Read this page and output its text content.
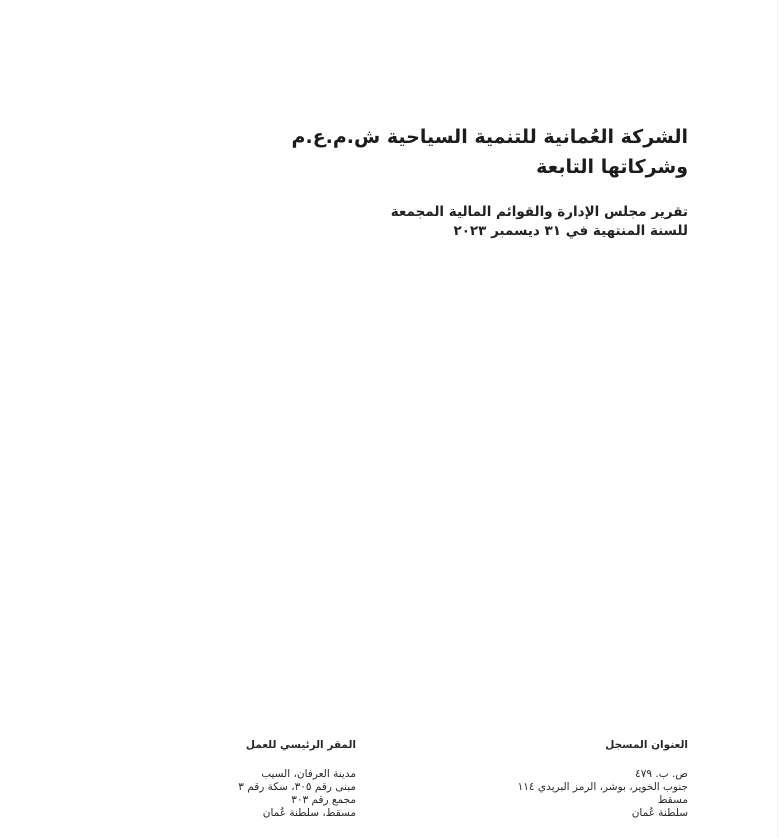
الشركة العُمانية للتنمية السياحية ش.م.ع.م

وشركاتها التابعة

تقرير مجلس الإدارة والقوائم المالية المجمعة

للسنة المنتهية في ٣١ ديسمبر ٢٠٢٣

العنوان المسجل

ص. ب. ٤٧٩

جنوب الخوير، بوشر، الرمز البريدي ١١٤

مسقط

سلطنة عُمان

المقر الرئيسي للعمل

مدينة العرفان، السيب

مبنى رقم ٣٠٥، سكة رقم ٣

مجمع رقم ٣٠٣

مسقط، سلطنة عُمان
